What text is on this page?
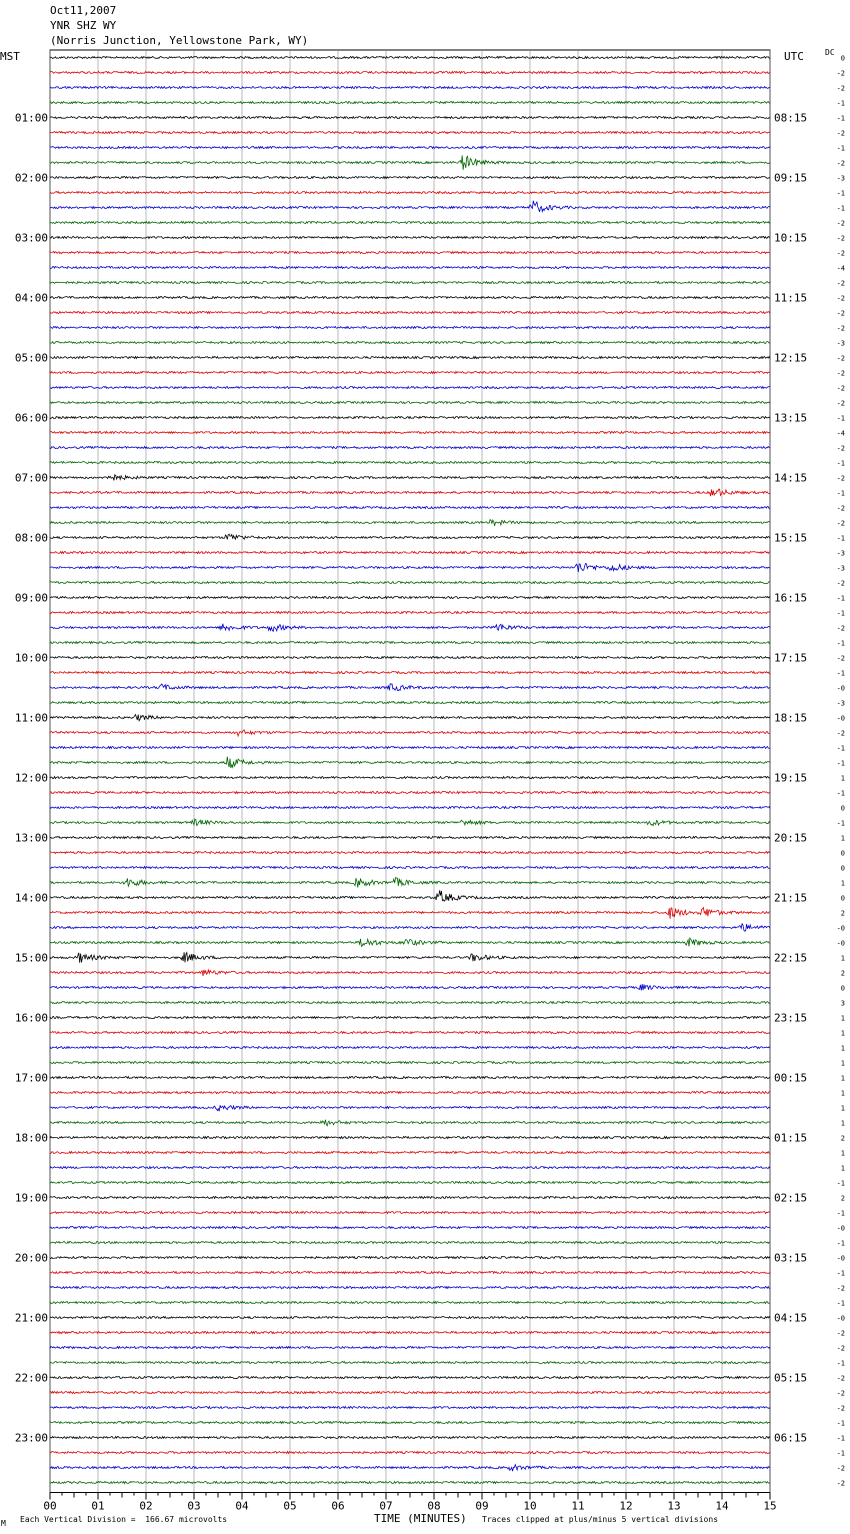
01:00
02:00
03:00
04:00
05:00
06:00
07:00
08:00
09:00
10:00
11:00
12:00
13:00
14:00
15:00
16:00
17:00
18:00
19:00
20:00
21:00
22:00
23:00
08:15
09:15
10:15
11:15
12:15
13:15
14:15
15:15
16:15
17:15
18:15
19:15
20:15
21:15
22:15
23:15
00:15
01:15
02:15
03:15
04:15
05:15
06:15
0
-2
-2
-1
-1
-2
-1
-2
-3
-1
-1
-2
-2
-2
-4
-2
-2
-2
-2
-3
-2
-2
-2
-2
-1
-4
-2
-1
-2
-1
-2
-2
-1
-3
-3
-2
-1
-1
-2
-1
-2
-1
-0
-3
-0
-2
-1
-1
1
-1
0
-1
1
0
0
1
0
2
-0
-0
1
2
0
3
1
1
1
1
1
1
1
1
2
1
1
-1
2
-1
-0
-1
-0
-1
-2
-1
-0
-2
-2
-1
-2
-2
-2
-1
-1
-1
-2
-2
00	01	02	03	04	05	06	07	08	09	10	11	12	13	14	15
Oct11,2007
YNR SHZ WY
(Norris Junction, Yellowstone Park, WY)
MST	UTC	DC
TIME (MINUTES)
M Each Vertical Division =  166.67 microvolts	Traces clipped at plus/minus 5 vertical divisions
